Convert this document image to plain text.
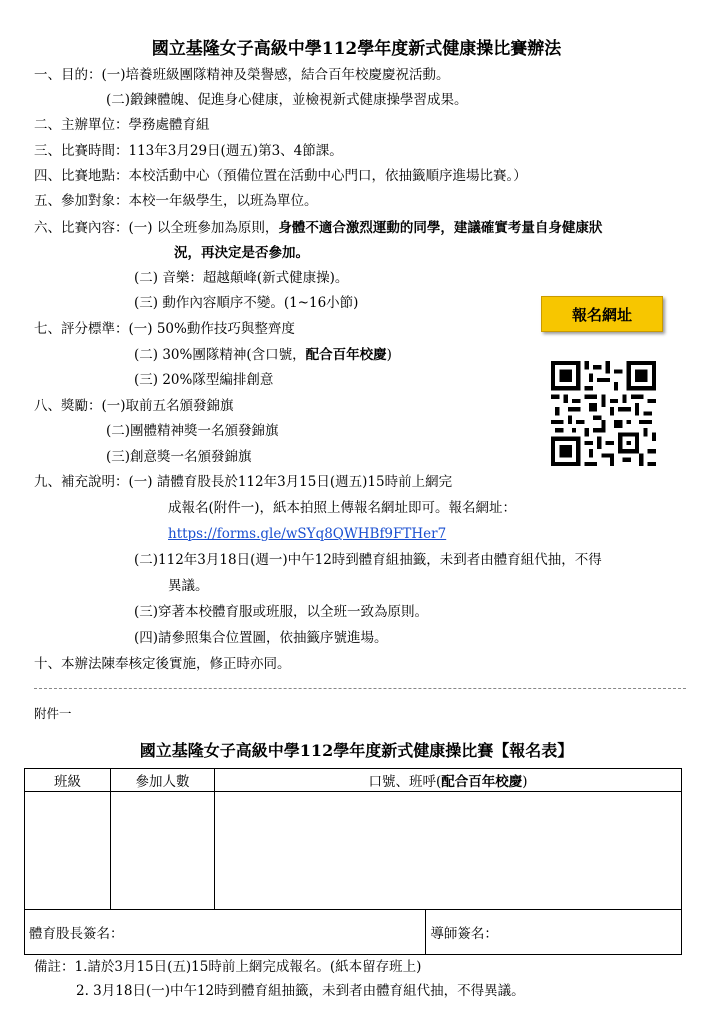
國立基隆女子高級中學112學年度新式健康操比賽辦法
一、目的：(一)培養班級團隊精神及榮譽感，結合百年校慶慶祝活動。
(二)鍛鍊體魄、促進身心健康，並檢視新式健康操學習成果。
二、主辦單位：學務處體育組
三、比賽時間：113年3月29日(週五)第3、4節課。
四、比賽地點：本校活動中心（預備位置在活動中心門口，依抽籤順序進場比賽。）
五、參加對象：本校一年級學生，以班為單位。
六、比賽內容：(一) 以全班參加為原則，身體不適合激烈運動的同學，建議確實考量自身健康狀
況，再決定是否參加。
(二) 音樂：超越顛峰(新式健康操)。
(三) 動作內容順序不變。(1~16小節)
報名網址
七、評分標準：(一) 50%動作技巧與整齊度
(二) 30%團隊精神(含口號，配合百年校慶)
(三) 20%隊型編排創意
八、獎勵：(一)取前五名頒發錦旗
(二)團體精神獎一名頒發錦旗
(三)創意獎一名頒發錦旗
九、補充說明：(一) 請體育股長於112年3月15日(週五)15時前上網完
成報名(附件一)，紙本拍照上傳報名網址即可。報名網址：
https://forms.gle/wSYq8QWHBf9FTHer7
(二)112年3月18日(週一)中午12時到體育組抽籤，未到者由體育組代抽，不得
異議。
(三)穿著本校體育服或班服，以全班一致為原則。
(四)請參照集合位置圖，依抽籤序號進場。
十、本辦法陳奉核定後實施，修正時亦同。
附件一
國立基隆女子高級中學112學年度新式健康操比賽【報名表】
班級	參加人數	口號、班呼(配合百年校慶)	

體育股長簽名：			導師簽名：
備註：1.請於3月15日(五)15時前上網完成報名。(紙本留存班上)
2. 3月18日(一)中午12時到體育組抽籤，未到者由體育組代抽，不得異議。
